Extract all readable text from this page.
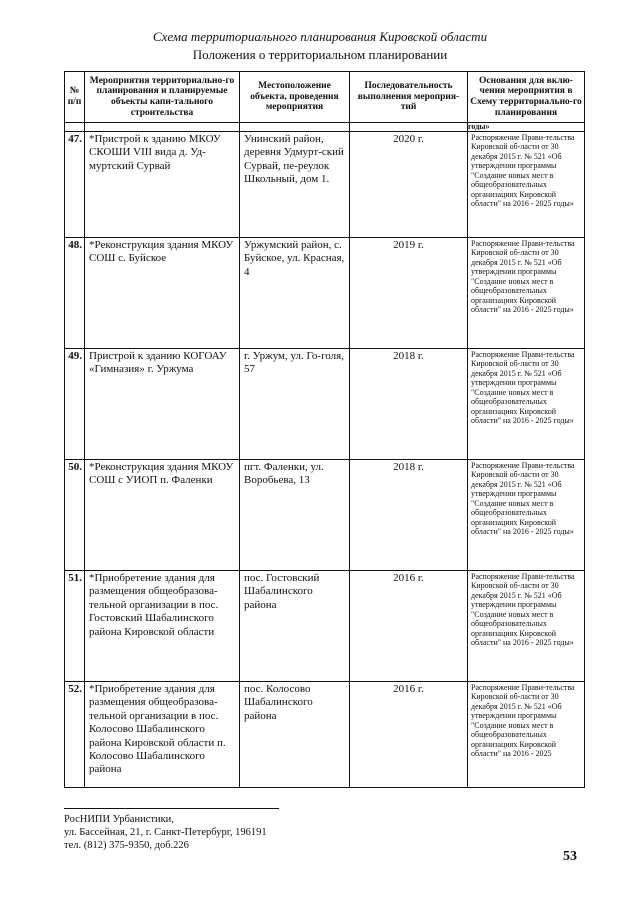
Схема территориального планирования Кировской области
Положения о территориальном планировании
№ п/п	Мероприятия территориально-го планирования и планируемые объекты капи-тального строительства	Местоположение объекта, проведения мероприятия	Последовательность выполнения мероприя-тий	Основания для вклю-чения мероприятия в Схему территориально-го планирования
				годы»
47.	*Пристрой к зданию МКОУ СКОШИ VIII вида д. Уд-муртский Сурвай	Унинский район, деревня Удмурт-ский Сурвай, пе-реулок Школьный, дом 1.	2020 г.	Распоряжение Прави-тельства Кировской об-ласти от 30 декабря 2015 г. № 521 «Об утверждении программы "Создание новых мест в общеобразовательных организациях Кировской области" на 2016 - 2025 годы»
48.	*Реконструкция здания МКОУ СОШ с. Буйское	Уржумский район, с. Буйское, ул. Красная, 4	2019 г.	Распоряжение Прави-тельства Кировской об-ласти от 30 декабря 2015 г. № 521 «Об утверждении программы "Создание новых мест в общеобразовательных организациях Кировской области" на 2016 - 2025 годы»
49.	Пристрой к зданию КОГОАУ «Гимназия» г. Уржума	г. Уржум, ул. Го-голя, 57	2018 г.	Распоряжение Прави-тельства Кировской об-ласти от 30 декабря 2015 г. № 521 «Об утверждении программы "Создание новых мест в общеобразовательных организациях Кировской области" на 2016 - 2025 годы»
50.	*Реконструкция здания МКОУ СОШ с УИОП п. Фаленки	пгт. Фаленки, ул. Воробьева, 13	2018 г.	Распоряжение Прави-тельства Кировской об-ласти от 30 декабря 2015 г. № 521 «Об утверждении программы "Создание новых мест в общеобразовательных организациях Кировской области" на 2016 - 2025 годы»
51.	*Приобретение здания для размещения общеобразова-тельной организации в пос. Гостовский Шабалинского района Кировской области	пос. Гостовский Шабалинского района	2016 г.	Распоряжение Прави-тельства Кировской об-ласти от 30 декабря 2015 г. № 521 «Об утверждении программы "Создание новых мест в общеобразовательных организациях Кировской области" на 2016 - 2025 годы»
52.	*Приобретение здания для размещения общеобразова-тельной организации в пос. Колосово Шабалинского района Кировской области п. Колосово Шабалинского района	пос. Колосово Шабалинского района	2016 г.	Распоряжение Прави-тельства Кировской об-ласти от 30 декабря 2015 г. № 521 «Об утверждении программы "Создание новых мест в общеобразовательных организациях Кировской области" на 2016 - 2025
РосНИПИ Урбанистики,
ул. Бассейная, 21, г. Санкт-Петербург, 196191
тел. (812) 375-9350, доб.226
53
